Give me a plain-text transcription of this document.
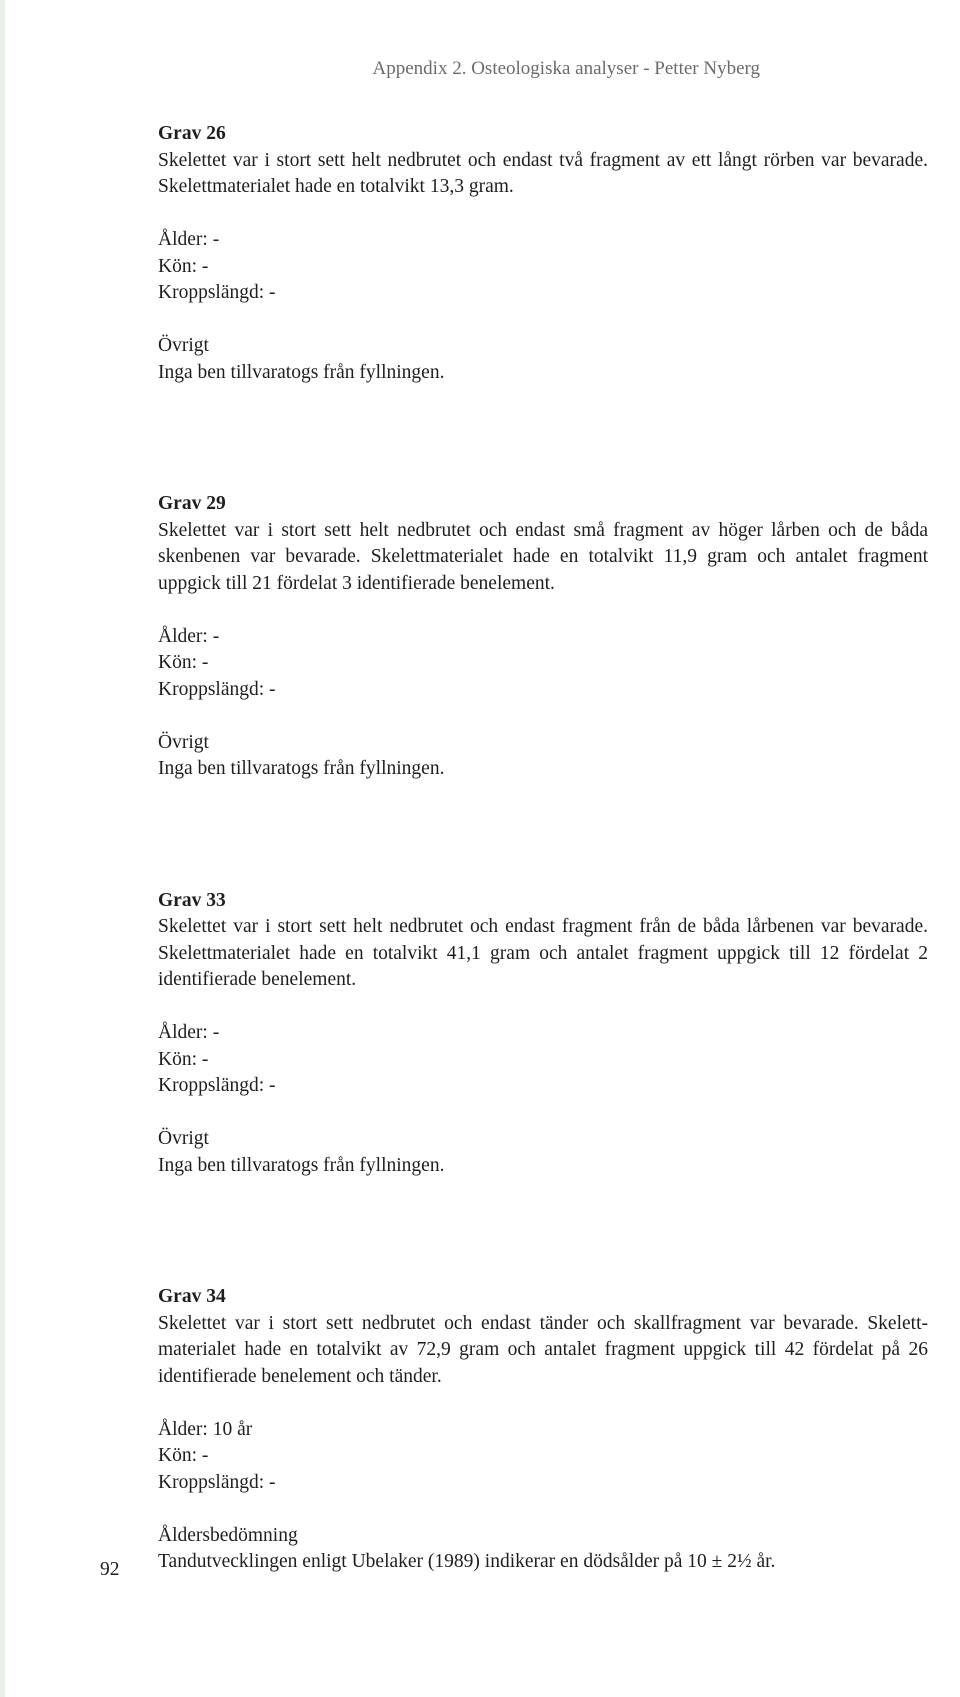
Appendix 2. Osteologiska analyser - Petter Nyberg

Grav 26

Skelettet var i stort sett helt nedbrutet och endast två fragment av ett långt rörben var bevarade. Skelettmaterialet hade en totalvikt 13,3 gram.

Ålder: -

Kön: -

Kroppslängd: -

Övrigt

Inga ben tillvaratogs från fyllningen.

Grav 29

Skelettet var i stort sett helt nedbrutet och endast små fragment av höger lårben och de båda skenbenen var bevarade. Skelettmaterialet hade en totalvikt 11,9 gram och antalet fragment uppgick till 21 fördelat 3 identifierade benelement.

Ålder: -

Kön: -

Kroppslängd: -

Övrigt

Inga ben tillvaratogs från fyllningen.

Grav 33

Skelettet var i stort sett helt nedbrutet och endast fragment från de båda lårbenen var bevarade. Skelettmaterialet hade en totalvikt 41,1 gram och antalet fragment uppgick till 12 fördelat 2 identifierade benelement.

Ålder: -

Kön: -

Kroppslängd: -

Övrigt

Inga ben tillvaratogs från fyllningen.

Grav 34

Skelettet var i stort sett nedbrutet och endast tänder och skallfragment var bevarade. Skelettmaterialet hade en totalvikt av 72,9 gram och antalet fragment uppgick till 42 fördelat på 26 identifierade benelement och tänder.

Ålder: 10 år

Kön: -

Kroppslängd: -

Åldersbedömning

Tandutvecklingen enligt Ubelaker (1989) indikerar en dödsålder på 10 ± 2½ år.

92
